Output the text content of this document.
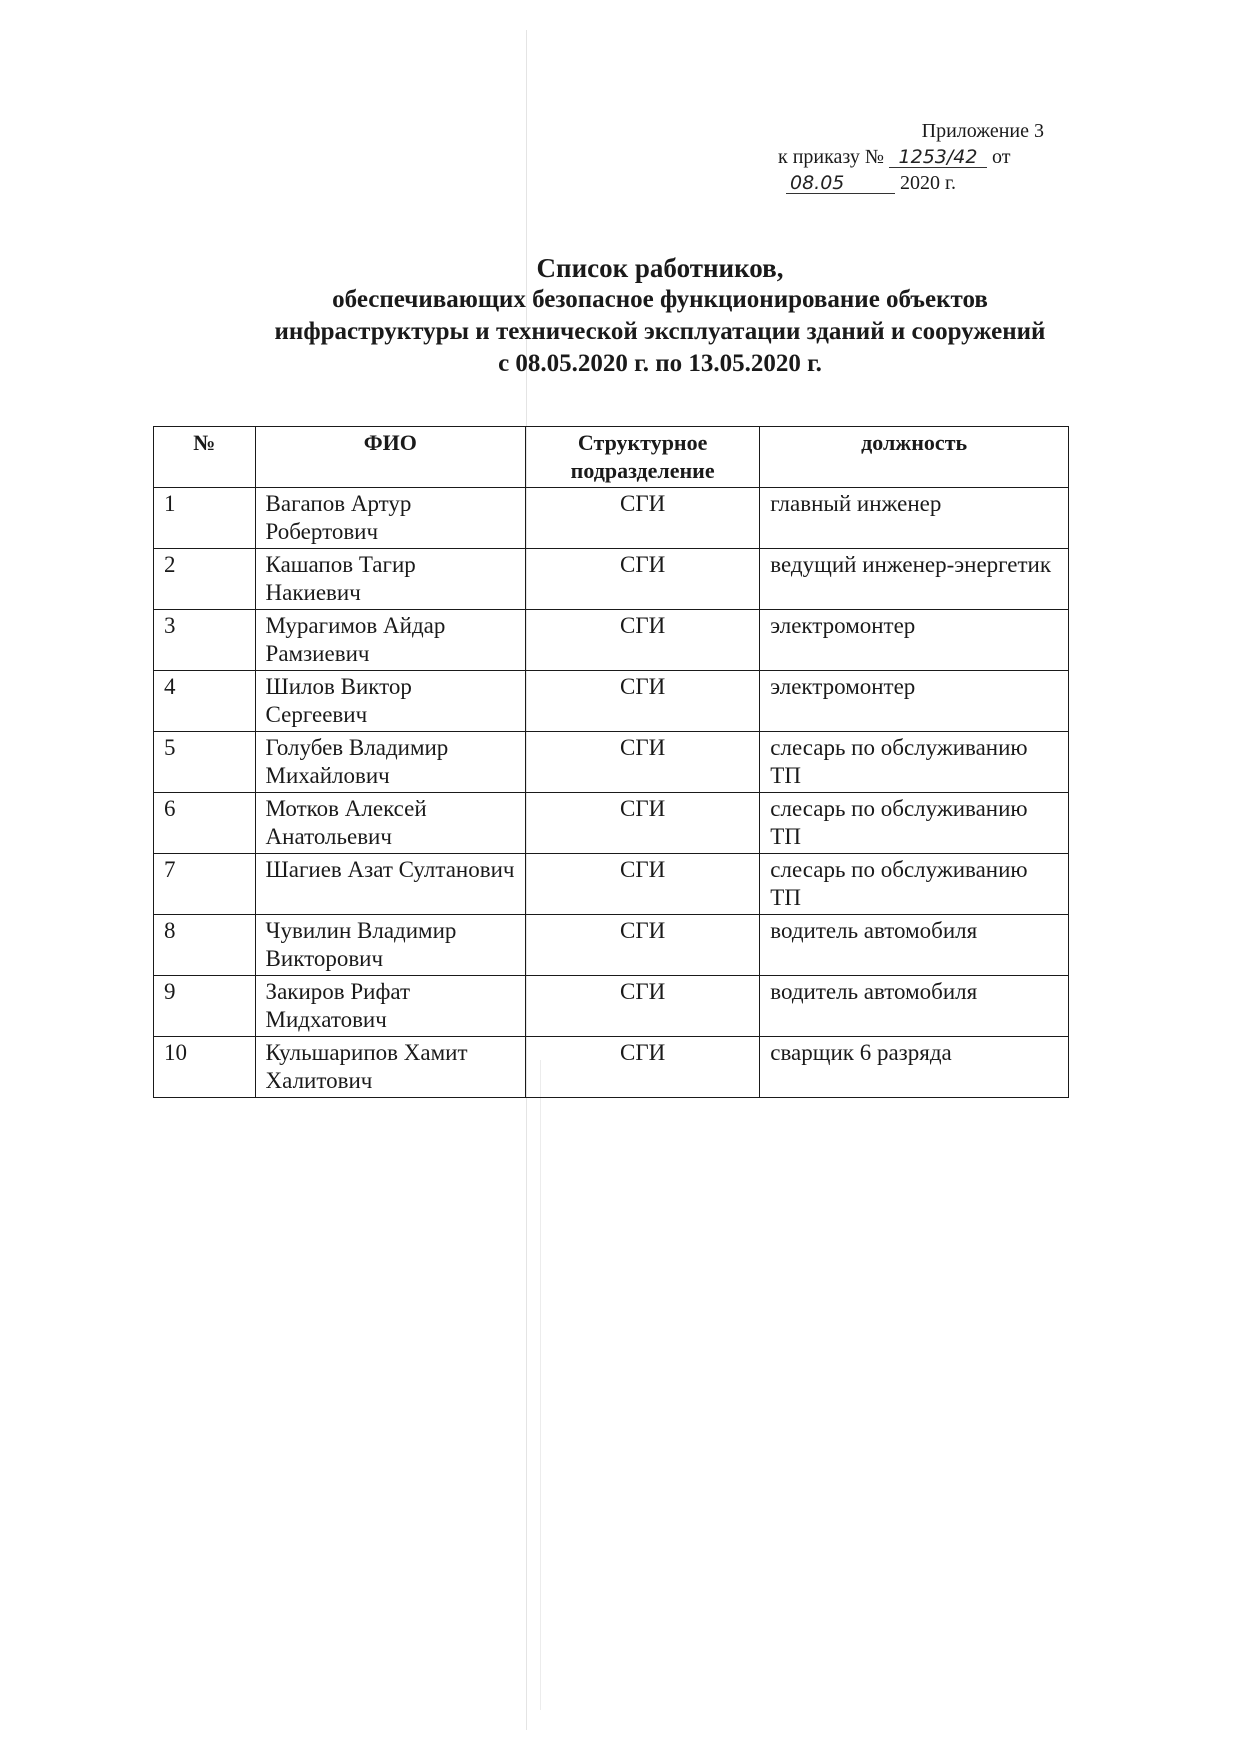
Приложение 3
к приказу № 1253/42 от
08.05	2020 г.
Список работников,
обеспечивающих безопасное функционирование объектов
инфраструктуры и технической эксплуатации зданий и сооружений
с 08.05.2020 г. по 13.05.2020 г.
№	ФИО	Структурное подразделение	должность
1	Вагапов Артур Робертович	СГИ	главный инженер
2	Кашапов Тагир Накиевич	СГИ	ведущий инженер-энергетик
3	Мурагимов Айдар Рамзиевич	СГИ	электромонтер
4	Шилов Виктор Сергеевич	СГИ	электромонтер
5	Голубев Владимир Михайлович	СГИ	слесарь по обслуживанию ТП
6	Мотков Алексей Анатольевич	СГИ	слесарь по обслуживанию ТП
7	Шагиев Азат Султанович	СГИ	слесарь по обслуживанию ТП
8	Чувилин Владимир Викторович	СГИ	водитель автомобиля
9	Закиров Рифат Мидхатович	СГИ	водитель автомобиля
10	Кульшарипов Хамит Халитович	СГИ	сварщик 6 разряда
